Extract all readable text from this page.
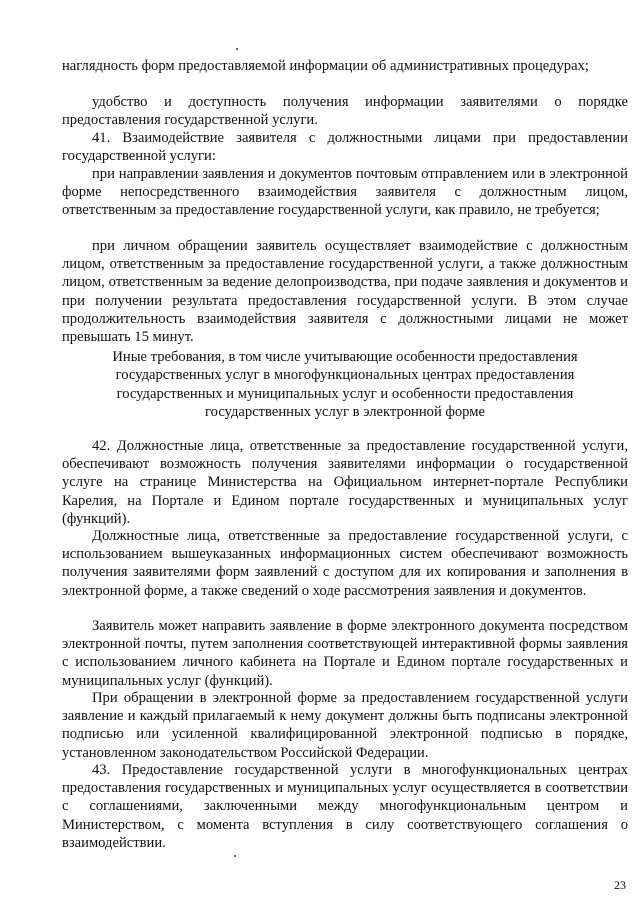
наглядность форм предоставляемой информации об административных процедурах;
удобство и доступность получения информации заявителями о порядке предоставления государственной услуги.
41. Взаимодействие заявителя с должностными лицами при предоставлении государственной услуги:
при направлении заявления и документов почтовым отправлением или в электронной форме непосредственного взаимодействия заявителя с должностным лицом, ответственным за предоставление государственной услуги, как правило, не требуется;
при личном обращении заявитель осуществляет взаимодействие с должностным лицом, ответственным за предоставление государственной услуги, а также должностным лицом, ответственным за ведение делопроизводства, при подаче заявления и документов и при получении результата предоставления государственной услуги. В этом случае продолжительность взаимодействия заявителя с должностными лицами не может превышать 15 минут.
Иные требования, в том числе учитывающие особенности предоставления государственных услуг в многофункциональных центрах предоставления государственных и муниципальных услуг и особенности предоставления государственных услуг в электронной форме
42. Должностные лица, ответственные за предоставление государственной услуги, обеспечивают возможность получения заявителями информации о государственной услуге на странице Министерства на Официальном интернет-портале Республики Карелия, на Портале и Едином портале государственных и муниципальных услуг (функций).
Должностные лица, ответственные за предоставление государственной услуги, с использованием вышеуказанных информационных систем обеспечивают возможность получения заявителями форм заявлений с доступом для их копирования и заполнения в электронной форме, а также сведений о ходе рассмотрения заявления и документов.
Заявитель может направить заявление в форме электронного документа посредством электронной почты, путем заполнения соответствующей интерактивной формы заявления с использованием личного кабинета на Портале и Едином портале государственных и муниципальных услуг (функций).
При обращении в электронной форме за предоставлением государственной услуги заявление и каждый прилагаемый к нему документ должны быть подписаны электронной подписью или усиленной квалифицированной электронной подписью в порядке, установленном законодательством Российской Федерации.
43. Предоставление государственной услуги в многофункциональных центрах предоставления государственных и муниципальных услуг осуществляется в соответствии с соглашениями, заключенными между многофункциональным центром и Министерством, с момента вступления в силу соответствующего соглашения о взаимодействии.
23
